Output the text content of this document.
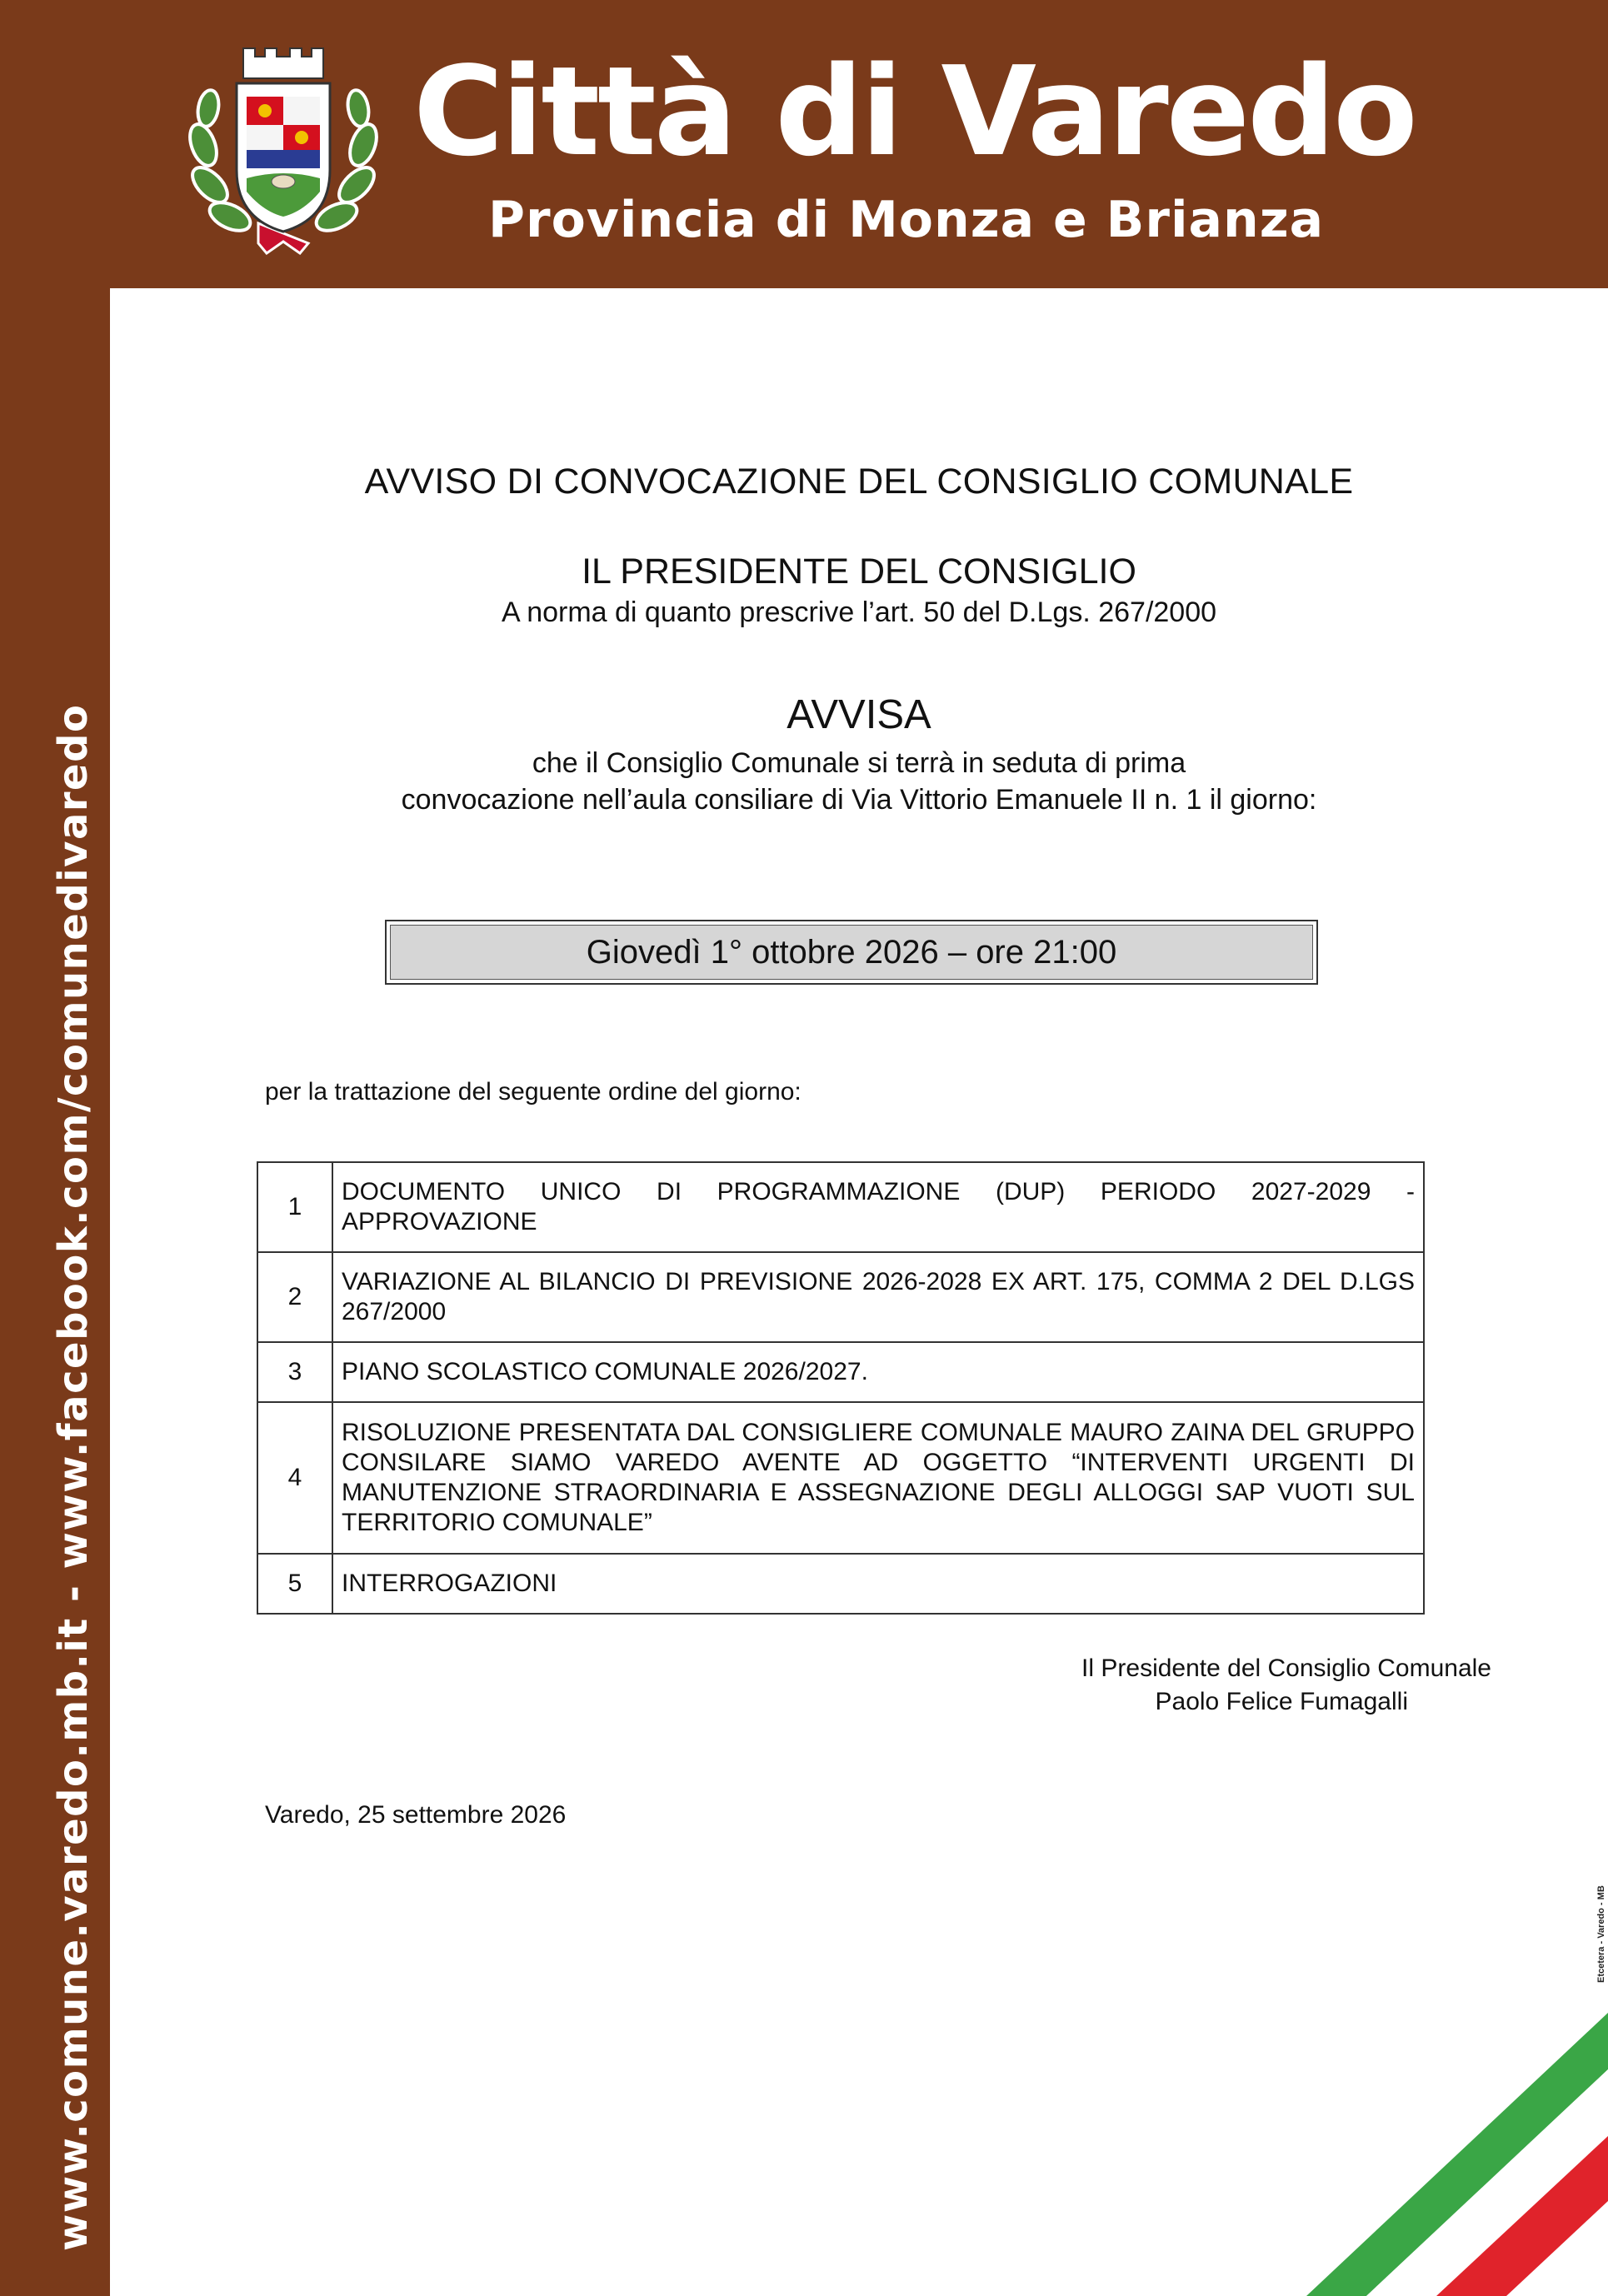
Città di Varedo
Provincia di Monza e Brianza
www.comune.varedo.mb.it - www.facebook.com/comunedivaredo
AVVISO DI CONVOCAZIONE DEL CONSIGLIO COMUNALE
IL PRESIDENTE DEL CONSIGLIO

A norma di quanto prescrive l’art. 50 del D.Lgs. 267/2000

AVVISA

che il Consiglio Comunale si terrà in seduta di prima
convocazione nell’aula consiliare di Via Vittorio Emanuele II n. 1 il giorno:

Giovedì 1° ottobre 2026 – ore 21:00

per la trattazione del seguente ordine del giorno:

1	DOCUMENTO UNICO DI PROGRAMMAZIONE (DUP) PERIODO 2027-2029 - APPROVAZIONE
2	VARIAZIONE AL BILANCIO DI PREVISIONE 2026-2028 EX ART. 175, COMMA 2 DEL D.LGS 267/2000
3	PIANO SCOLASTICO COMUNALE 2026/2027.
4	RISOLUZIONE PRESENTATA DAL CONSIGLIERE COMUNALE MAURO ZAINA DEL GRUPPO CONSILARE SIAMO VAREDO AVENTE AD OGGETTO “INTERVENTI URGENTI DI MANUTENZIONE STRAORDINARIA E ASSEGNAZIONE DEGLI ALLOGGI SAP VUOTI SUL TERRITORIO COMUNALE”
5	INTERROGAZIONI

Il Presidente del Consiglio Comunale

Paolo Felice Fumagalli

Varedo, 25 settembre 2026

Etcetera - Varedo - MB
